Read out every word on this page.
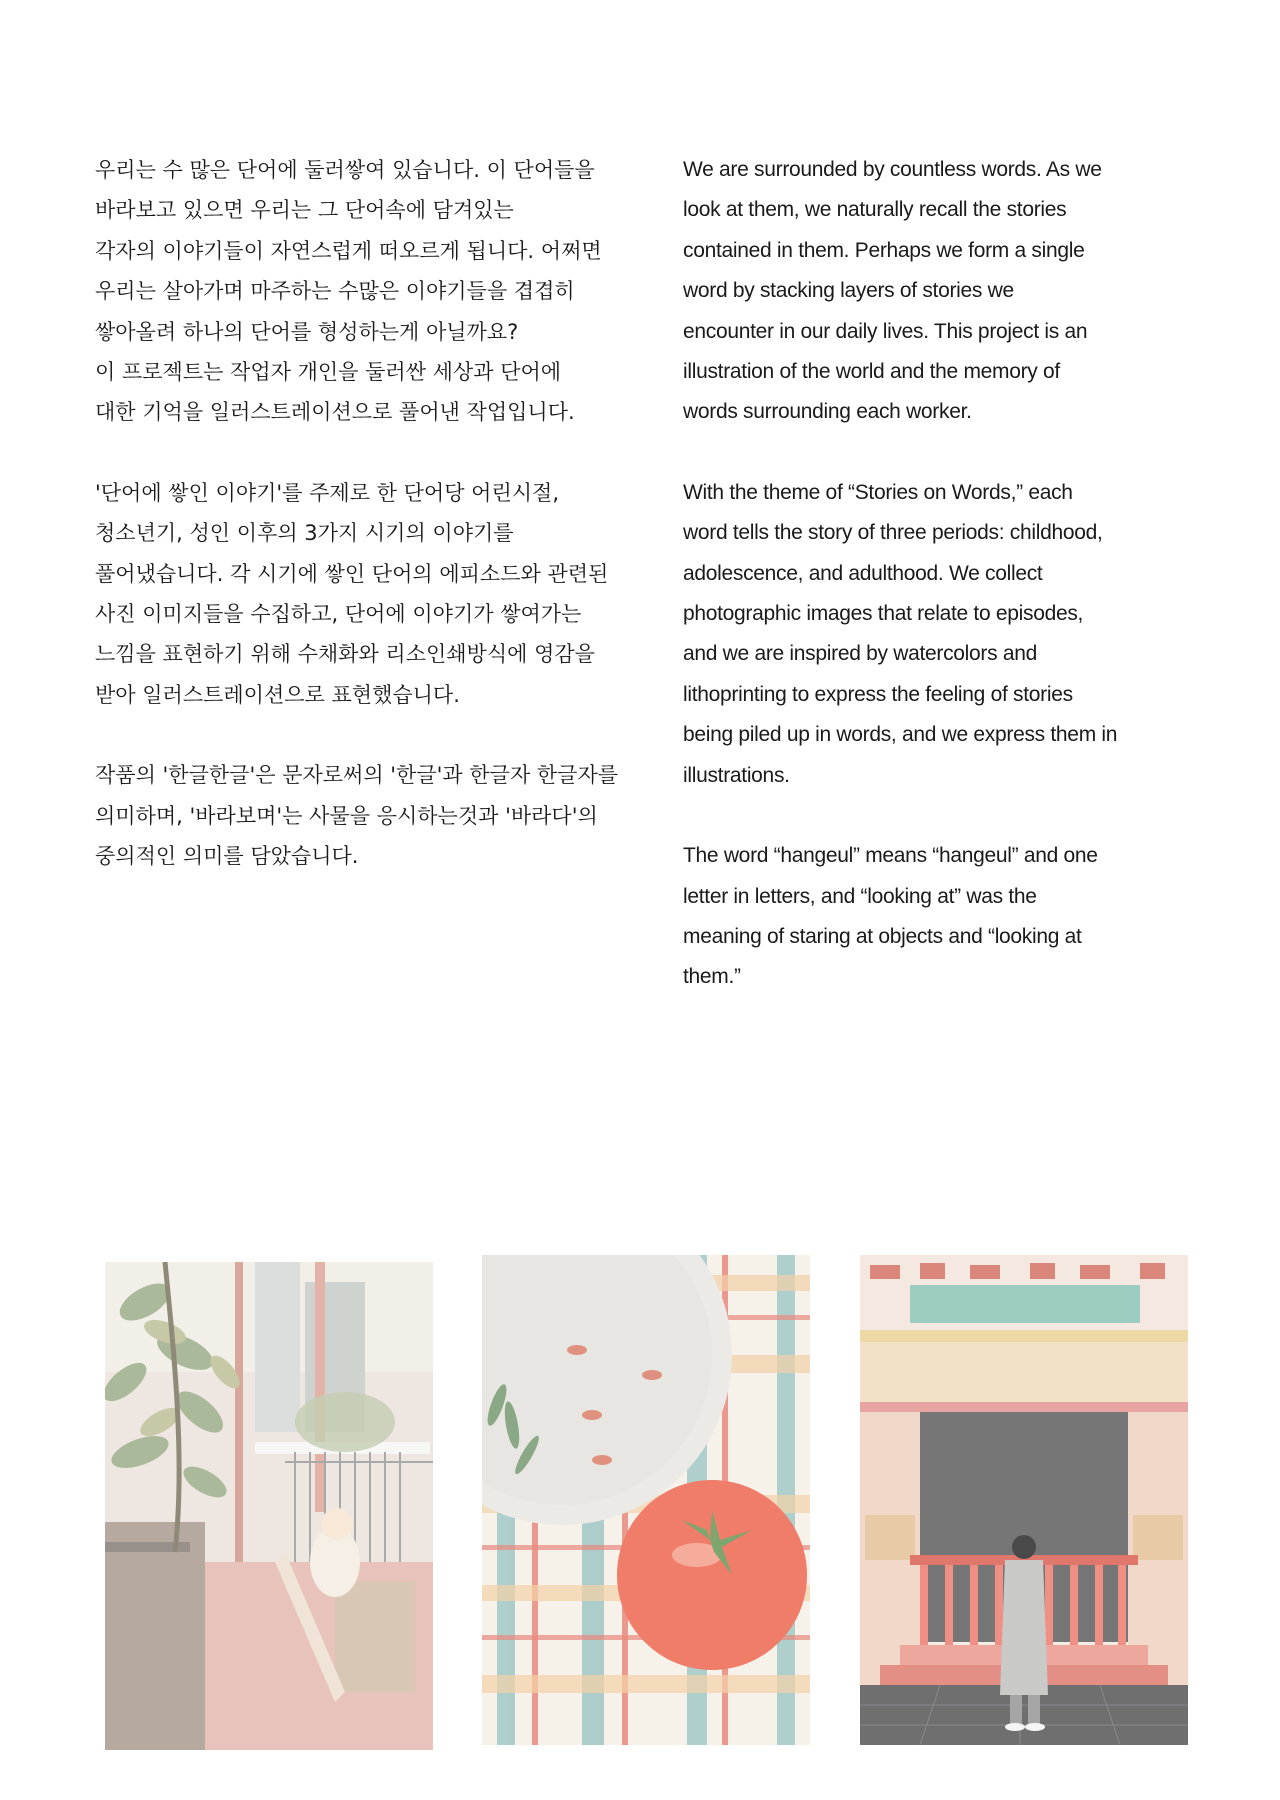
우리는 수 많은 단어에 둘러쌓여 있습니다. 이 단어들을
바라보고 있으면 우리는 그 단어속에 담겨있는
각자의 이야기들이 자연스럽게 떠오르게 됩니다. 어쩌면
우리는 살아가며 마주하는 수많은 이야기들을 겹겹히
쌓아올려 하나의 단어를 형성하는게 아닐까요?
이 프로젝트는 작업자 개인을 둘러싼 세상과 단어에
대한 기억을 일러스트레이션으로 풀어낸 작업입니다.
'단어에 쌓인 이야기'를 주제로 한 단어당 어린시절,
청소년기, 성인 이후의 3가지 시기의 이야기를
풀어냈습니다. 각 시기에 쌓인 단어의 에피소드와 관련된
사진 이미지들을 수집하고, 단어에 이야기가 쌓여가는
느낌을 표현하기 위해 수채화와 리소인쇄방식에 영감을
받아 일러스트레이션으로 표현했습니다.
작품의 '한글한글'은 문자로써의 '한글'과 한글자 한글자를
의미하며, '바라보며'는 사물을 응시하는것과 '바라다'의
중의적인 의미를 담았습니다.
We are surrounded by countless words. As we
look at them, we naturally recall the stories
contained in them. Perhaps we form a single
word by stacking layers of stories we
encounter in our daily lives. This project is an
illustration of the world and the memory of
words surrounding each worker.
With the theme of “Stories on Words,” each
word tells the story of three periods: childhood,
adolescence, and adulthood. We collect
photographic images that relate to episodes,
and we are inspired by watercolors and
lithoprinting to express the feeling of stories
being piled up in words, and we express them in
illustrations.
The word “hangeul” means “hangeul” and one
letter in letters, and “looking at” was the
meaning of staring at objects and “looking at
them.”
